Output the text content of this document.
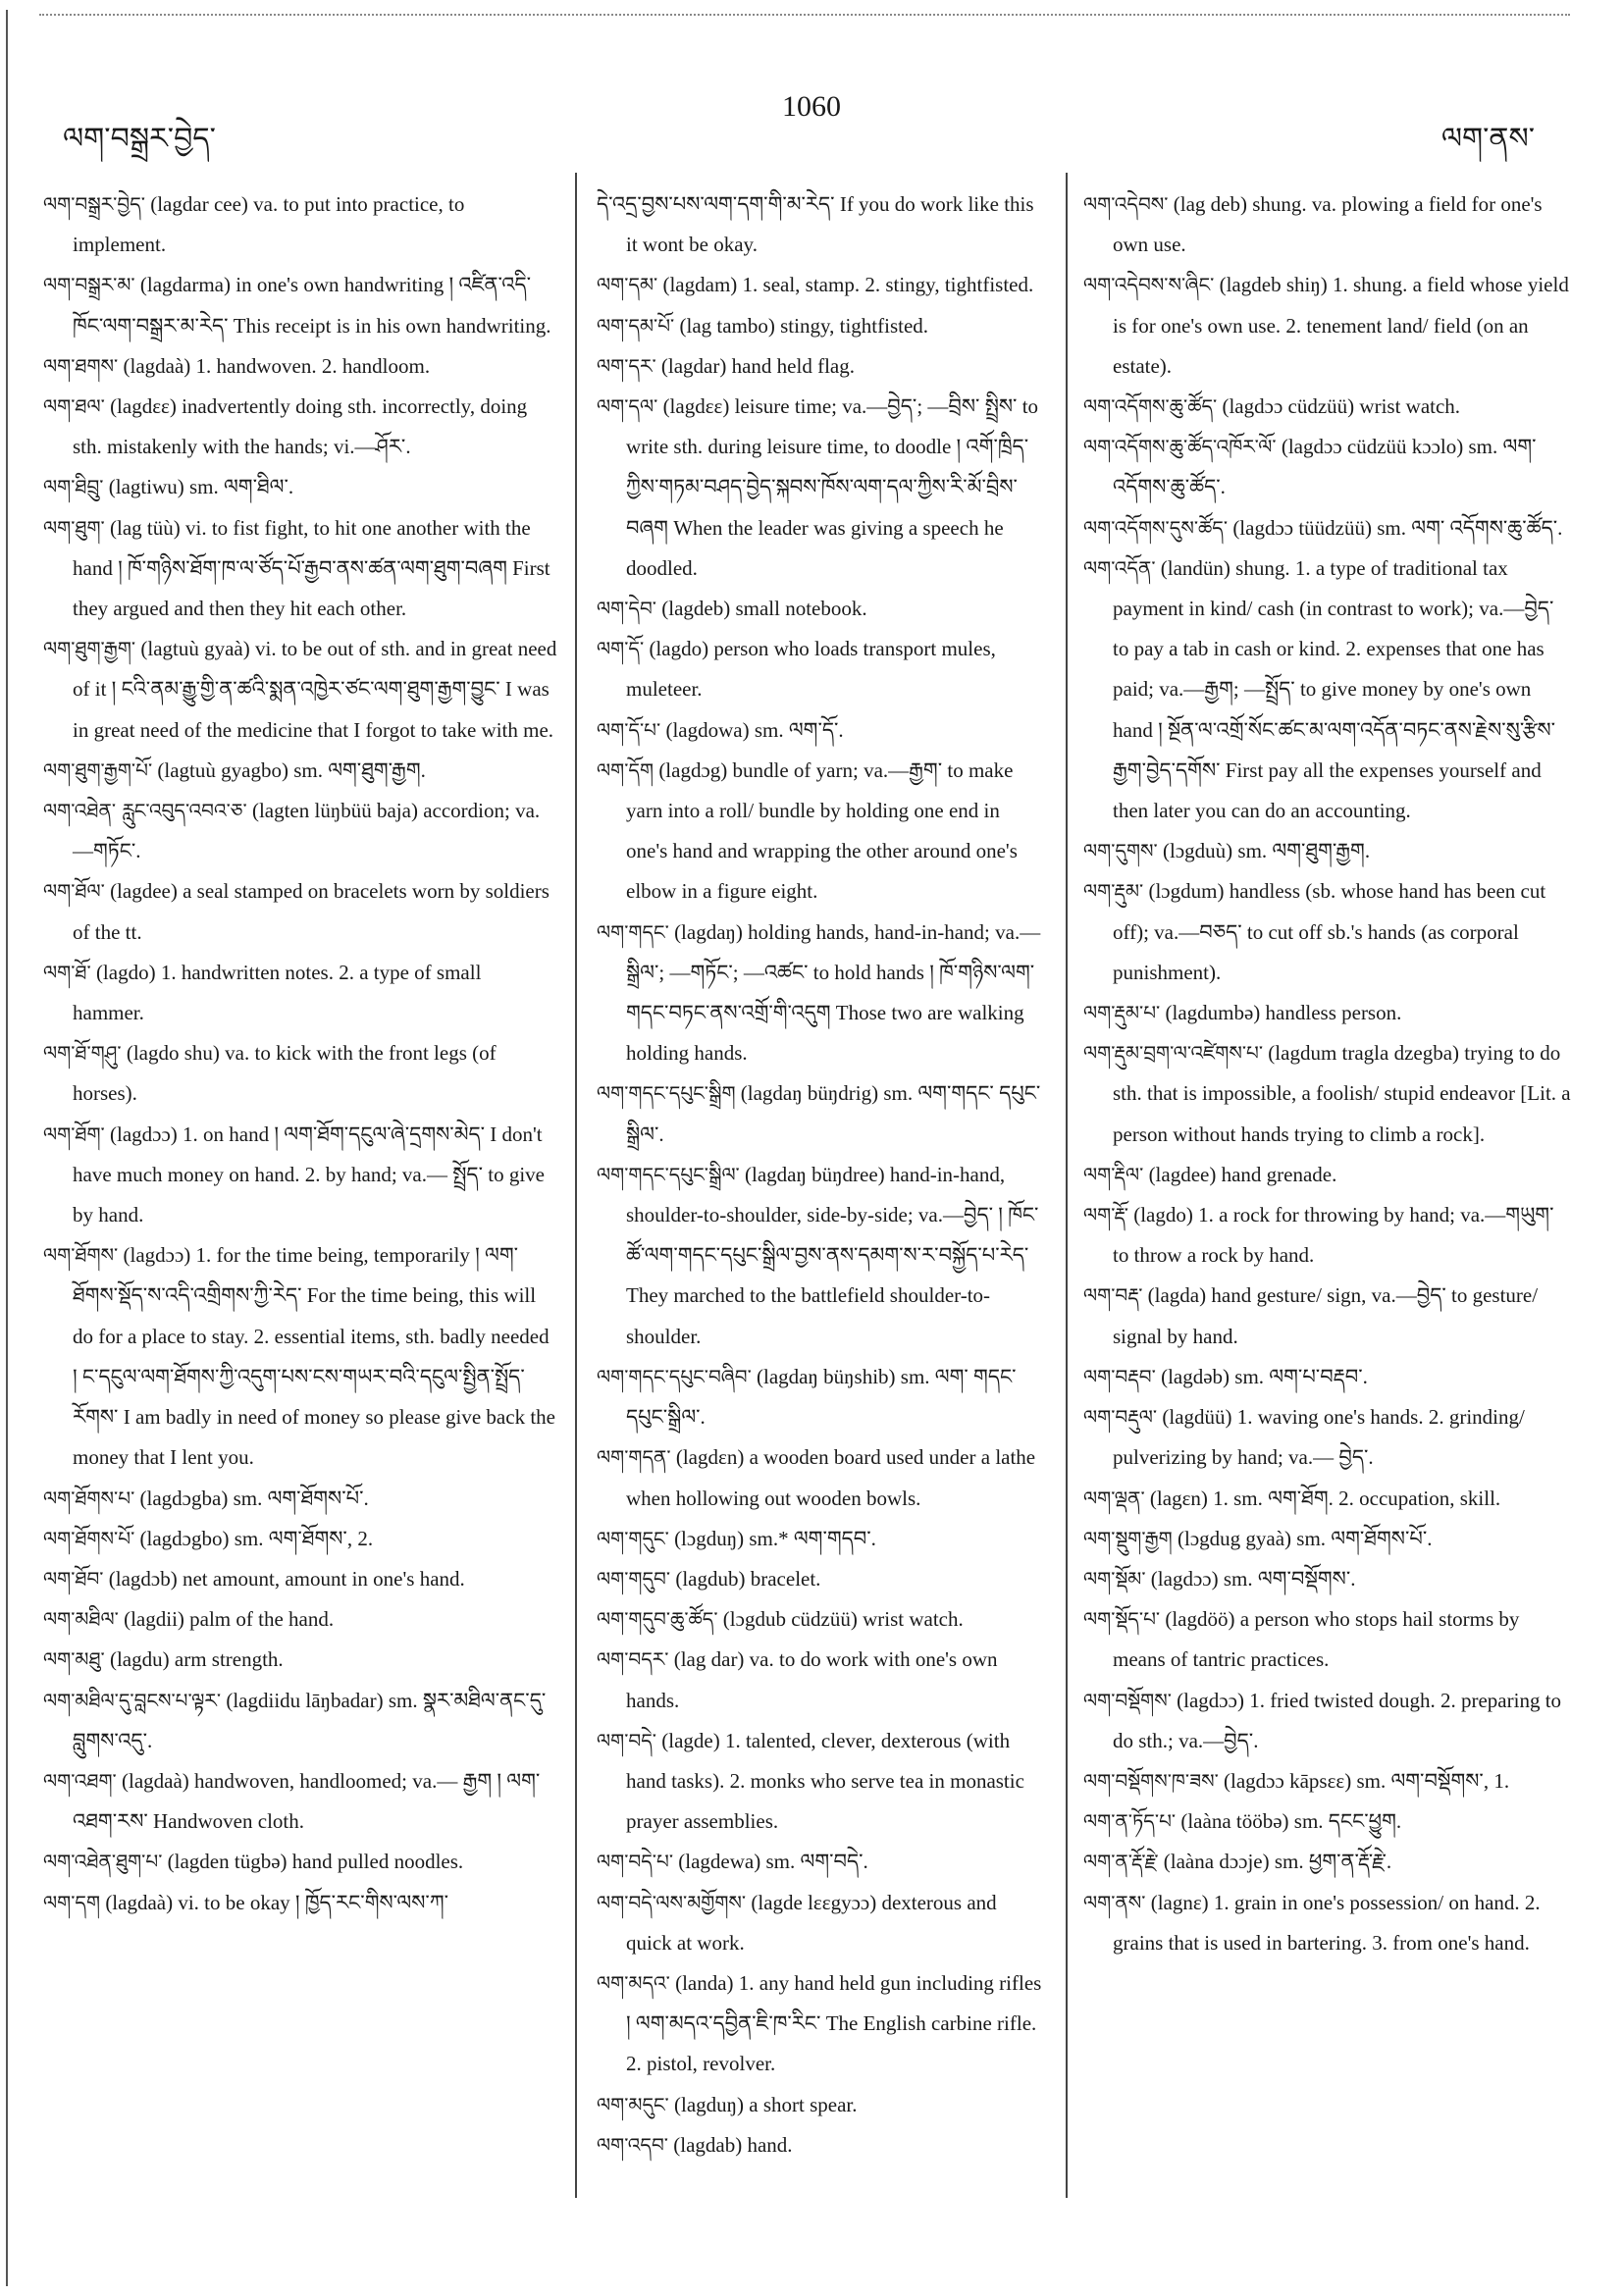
ལག་བསྒྲར་བྱེད་
1060
ལག་ནས་

ལག་བསྒྲར་བྱེད་ (lagdar cee) va. to put into practice, to implement.

ལག་བསྒྲར་མ་ (lagdarma) in one's own handwriting ། འཛིན་འདི་ཁོང་ལག་བསྒྲར་མ་རེད་ This receipt is in his own handwriting.

ལག་ཐགས་ (lagdaà) 1. handwoven. 2. handloom.

ལག་ཐལ་ (lagdεε) inadvertently doing sth. incorrectly, doing sth. mistakenly with the hands; vi.—ཤོར་.

ལག་ཐིབྲུ་ (lagtiwu) sm. ལག་ཐིལ་.

ལག་ཐུག་ (lag tüù) vi. to fist fight, to hit one another with the hand ། ཁོ་གཉིས་ཐོག་ཁ་ལ་ཙོད་པོ་རྒྱབ་ནས་ཚན་ལག་ཐུག་བཞག First they argued and then they hit each other.

ལག་ཐུག་རྒྱག་ (lagtuù gyaà) vi. to be out of sth. and in great need of it ། ངའི་ནམ་རྒྱུ་གྱི་ན་ཚའི་སྨན་འཁྱེར་ཙང་ལག་ཐུག་རྒྱག་བྱུང་ I was in great need of the medicine that I forgot to take with me.

ལག་ཐུག་རྒྱག་པོ་ (lagtuù gyagbo) sm. ལག་ཐུག་རྒྱག.

ལག་འཐེན་ རླུང་འབུད་འབའ་ཅ་ (lagten lüŋbüü baja) accordion; va.—གཏོང་.

ལག་ཐོལ་ (lagdee) a seal stamped on bracelets worn by soldiers of the tt.

ལག་ཐོ་ (lagdo) 1. handwritten notes. 2. a type of small hammer.

ལག་ཐོ་གཤུ་ (lagdo shu) va. to kick with the front legs (of horses).

ལག་ཐོག་ (lagdɔɔ) 1. on hand ། ལག་ཐོག་དངུལ་ཞེ་དྲགས་མེད་ I don't have much money on hand. 2. by hand; va.— སྤྲོད་ to give by hand.

ལག་ཐོགས་ (lagdɔɔ) 1. for the time being, temporarily ། ལག་ཐོགས་སྡོད་ས་འདི་འགྲིགས་ཀྱི་རེད་ For the time being, this will do for a place to stay. 2. essential items, sth. badly needed ། ང་དངུལ་ལག་ཐོགས་ཀྱི་འདུག་པས་ངས་གཡར་བའི་དངུལ་སྤྱིན་སྤྲོད་རོགས་ I am badly in need of money so please give back the money that I lent you.

ལག་ཐོགས་པ་ (lagdɔgba) sm. ལག་ཐོགས་པོ་.

ལག་ཐོགས་པོ་ (lagdɔgbo) sm. ལག་ཐོགས་, 2.

ལག་ཐོབ་ (lagdɔb) net amount, amount in one's hand.

ལག་མཐིལ་ (lagdii) palm of the hand.

ལག་མཐུ་ (lagdu) arm strength.

ལག་མཐིལ་དུ་བླངས་པ་ལྟར་ (lagdiidu lāŋbadar) sm. སྣར་མཐིལ་ནང་དུ་བླུགས་འདུ་.

ལག་འཐག་ (lagdaà) handwoven, handloomed; va.— རྒྱག ། ལག་འཐག་རས་ Handwoven cloth.

ལག་འཐེན་ཐུག་པ་ (lagden tügbə) hand pulled noodles.

ལག་དག (lagdaà) vi. to be okay ། ཁྱོད་རང་གིས་ལས་ཀ་

དེ་འདྲ་བྱས་པས་ལག་དག་གི་མ་རེད་ If you do work like this it wont be okay.

ལག་དམ་ (lagdam) 1. seal, stamp. 2. stingy, tightfisted.

ལག་དམ་པོ་ (lag tambo) stingy, tightfisted.

ལག་དར་ (lagdar) hand held flag.

ལག་དལ་ (lagdεε) leisure time; va.—བྱེད་; —བྲིས་ སྤྲིས་ to write sth. during leisure time, to doodle ། འགོ་ཁྲིད་ཀྱིས་གཏམ་བཤད་བྱེད་སྐབས་ཁོས་ལག་དལ་ཀྱིས་རི་མོ་བྲིས་བཞག When the leader was giving a speech he doodled.

ལག་དེབ་ (lagdeb) small notebook.

ལག་དོ་ (lagdo) person who loads transport mules, muleteer.

ལག་དོ་པ་ (lagdowa) sm. ལག་དོ་.

ལག་དོག (lagdɔg) bundle of yarn; va.—རྒྱག་ to make yarn into a roll/ bundle by holding one end in one's hand and wrapping the other around one's elbow in a figure eight.

ལག་གདང་ (lagdaŋ) holding hands, hand-in-hand; va.—སྒྲིལ་; —གཏོང་; —འཚང་ to hold hands ། ཁོ་གཉིས་ལག་གདང་བཏང་ནས་འགྲོ་གི་འདུག Those two are walking holding hands.

ལག་གདང་དཔུང་སྒྲིག (lagdaŋ büŋdrig) sm. ལག་གདང་ དཔུང་སྒྲིལ་.

ལག་གདང་དཔུང་སྒྲིལ་ (lagdaŋ büŋdree) hand-in-hand, shoulder-to-shoulder, side-by-side; va.—བྱེད་ ། ཁོང་ཚོ་ལག་གདང་དཔུང་སྒྲིལ་བྱས་ནས་དམག་ས་ར་བསྐྱོད་པ་རེད་ They marched to the battlefield shoulder-to-shoulder.

ལག་གདང་དཔུང་བཞིབ་ (lagdaŋ büŋshib) sm. ལག་ གདང་དཔུང་སྒྲིལ་.

ལག་གདན་ (lagdεn) a wooden board used under a lathe when hollowing out wooden bowls.

ལག་གདུང་ (lɔgduŋ) sm.* ལག་གདབ་.

ལག་གདུབ་ (lagdub) bracelet.

ལག་གདུབ་ཆུ་ཚོད་ (lɔgdub cüdzüü) wrist watch.

ལག་བདར་ (lag dar) va. to do work with one's own hands.

ལག་བདེ་ (lagde) 1. talented, clever, dexterous (with hand tasks). 2. monks who serve tea in monastic prayer assemblies.

ལག་བདེ་པ་ (lagdewa) sm. ལག་བདེ་.

ལག་བདེ་ལས་མགྱོགས་ (lagde lεεgyɔɔ) dexterous and quick at work.

ལག་མདའ་ (landa) 1. any hand held gun including rifles ། ལག་མདའ་དབྱིན་ཇི་ཁ་རིང་ The English carbine rifle. 2. pistol, revolver.

ལག་མདུང་ (lagduŋ) a short spear.

ལག་འདབ་ (lagdab) hand.

ལག་འདེབས་ (lag deb) shung. va. plowing a field for one's own use.

ལག་འདེབས་ས་ཞིང་ (lagdeb shiŋ) 1. shung. a field whose yield is for one's own use. 2. tenement land/ field (on an estate).

ལག་འདོགས་ཆུ་ཚོད་ (lagdɔɔ cüdzüü) wrist watch.

ལག་འདོགས་ཆུ་ཚོད་འཁོར་ལོ་ (lagdɔɔ cüdzüü kɔɔlo) sm. ལག་འདོགས་ཆུ་ཚོད་.

ལག་འདོགས་དུས་ཚོད་ (lagdɔɔ tüüdzüü) sm. ལག་ འདོགས་ཆུ་ཚོད་.

ལག་འདོན་ (landün) shung. 1. a type of traditional tax payment in kind/ cash (in contrast to work); va.—བྱེད་ to pay a tab in cash or kind. 2. expenses that one has paid; va.—རྒྱག; —སྤྲོད་ to give money by one's own hand ། སྔོན་ལ་འགྲོ་སོང་ཚང་མ་ལག་འདོན་བཏང་ནས་རྗེས་སུ་རྩིས་རྒྱག་བྱེད་དགོས་ First pay all the expenses yourself and then later you can do an accounting.

ལག་དུགས་ (lɔgduù) sm. ལག་ཐུག་རྒྱག.

ལག་རྡུམ་ (lɔgdum) handless (sb. whose hand has been cut off); va.—བཅད་ to cut off sb.'s hands (as corporal punishment).

ལག་རྡུམ་པ་ (lagdumbə) handless person.

ལག་རྡུམ་བྲག་ལ་འཛེགས་པ་ (lagdum tragla dzegba) trying to do sth. that is impossible, a foolish/ stupid endeavor [Lit. a person without hands trying to climb a rock].

ལག་རྡིལ་ (lagdee) hand grenade.

ལག་རྡོ་ (lagdo) 1. a rock for throwing by hand; va.—གཡུག་ to throw a rock by hand.

ལག་བརྡ་ (lagda) hand gesture/ sign, va.—བྱེད་ to gesture/ signal by hand.

ལག་བརྡབ་ (lagdəb) sm. ལག་པ་བརྡབ་.

ལག་བརྡུལ་ (lagdüü) 1. waving one's hands. 2. grinding/ pulverizing by hand; va.— བྱེད་.

ལག་ལྡན་ (lagεn) 1. sm. ལག་ཐོག. 2. occupation, skill.

ལག་སྡུག་རྒྱག (lɔgdug gyaà) sm. ལག་ཐོགས་པོ་.

ལག་སྡོམ་ (lagdɔɔ) sm. ལག་བསྡོགས་.

ལག་སྡོད་པ་ (lagdöö) a person who stops hail storms by means of tantric practices.

ལག་བསྡོགས་ (lagdɔɔ) 1. fried twisted dough. 2. preparing to do sth.; va.—བྱེད་.

ལག་བསྡོགས་ཁ་ཟས་ (lagdɔɔ kāpsεε) sm. ལག་བསྡོགས་, 1.

ལག་ན་ཏོད་པ་ (laàna tööbə) sm. དངང་ཕྱུག.

ལག་ན་རྡོ་རྗེ་ (laàna dɔɔje) sm. ཕྱག་ན་རྡོ་རྗེ་.

ལག་ནས་ (lagnε) 1. grain in one's possession/ on hand. 2. grains that is used in bartering. 3. from one's hand.
